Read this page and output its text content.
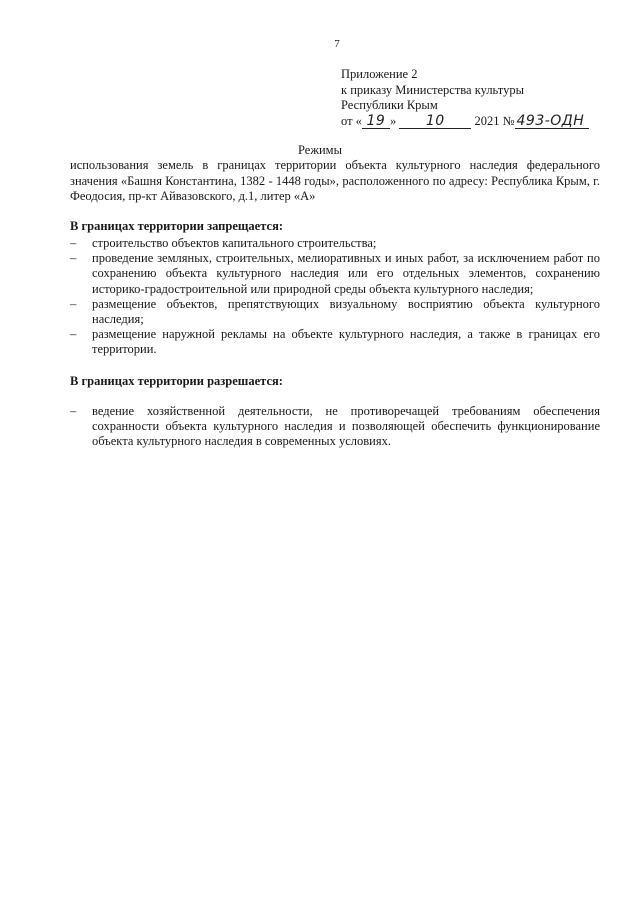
7
Приложение 2
к приказу Министерства культуры
Республики Крым
от « 19 » 10 2021 № 493-ОДН
Режимы
использования земель в границах территории объекта культурного наследия федерального значения «Башня Константина, 1382 - 1448 годы», расположенного по адресу: Республика Крым, г. Феодосия, пр-кт Айвазовского, д.1, литер «А»
В границах территории запрещается:
– строительство объектов капитального строительства;
– проведение земляных, строительных, мелиоративных и иных работ, за исключением работ по сохранению объекта культурного наследия или его отдельных элементов, сохранению историко-градостроительной или природной среды объекта культурного наследия;
– размещение объектов, препятствующих визуальному восприятию объекта культурного наследия;
– размещение наружной рекламы на объекте культурного наследия, а также в границах его территории.
В границах территории разрешается:
– ведение хозяйственной деятельности, не противоречащей требованиям обеспечения сохранности объекта культурного наследия и позволяющей обеспечить функционирование объекта культурного наследия в современных условиях.
